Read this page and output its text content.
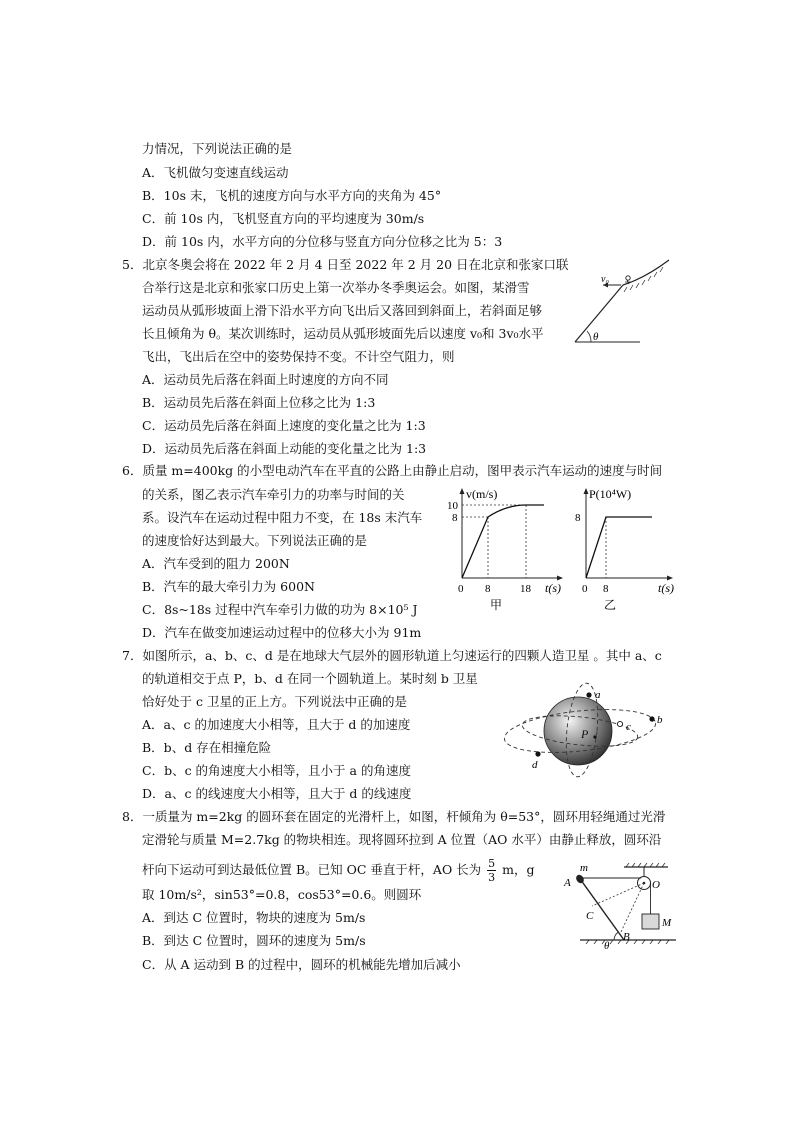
力情况，下列说法正确的是
A．飞机做匀变速直线运动
B．10s 末，飞机的速度方向与水平方向的夹角为 45°
C．前 10s 内，飞机竖直方向的平均速度为 30m/s
D．前 10s 内，水平方向的分位移与竖直方向分位移之比为 5：3
5．北京冬奥会将在 2022 年 2 月 4 日至 2022 年 2 月 20 日在北京和张家口联
合举行这是北京和张家口历史上第一次举办冬季奥运会。如图，某滑雪
运动员从弧形坡面上滑下沿水平方向飞出后又落回到斜面上，若斜面足够
长且倾角为 θ。某次训练时，运动员从弧形坡面先后以速度 v₀和 3v₀水平
飞出，飞出后在空中的姿势保持不变。不计空气阻力，则
A．运动员先后落在斜面上时速度的方向不同
B．运动员先后落在斜面上位移之比为 1:3
C．运动员先后落在斜面上速度的变化量之比为 1:3
D．运动员先后落在斜面上动能的变化量之比为 1:3
v₀
θ
6．质量 m=400kg 的小型电动汽车在平直的公路上由静止启动，图甲表示汽车运动的速度与时间
的关系，图乙表示汽车牵引力的功率与时间的关
系。设汽车在运动过程中阻力不变，在 18s 末汽车
的速度恰好达到最大。下列说法正确的是
A．汽车受到的阻力 200N
B．汽车的最大牵引力为 600N
C．8s~18s 过程中汽车牵引力做的功为 8×10⁵ J
D．汽车在做变加速运动过程中的位移大小为 91m
v(m/s)
10
8
0 8	18 t(s)
甲
P(10⁴W)
8
0 8	t(s)
乙
7．如图所示，a、b、c、d 是在地球大气层外的圆形轨道上匀速运行的四颗人造卫星 。其中 a、c
的轨道相交于点 P，b、d 在同一个圆轨道上。某时刻 b 卫星
恰好处于 c 卫星的正上方。下列说法中正确的是
A．a、c 的加速度大小相等，且大于 d 的加速度
B．b、d 存在相撞危险
C．b、c 的角速度大小相等，且小于 a 的角速度
D．a、c 的线速度大小相等，且大于 d 的线速度
a
b
c
d
P
8．一质量为 m=2kg 的圆环套在固定的光滑杆上，如图，杆倾角为 θ=53°，圆环用轻绳通过光滑
定滑轮与质量 M=2.7kg 的物块相连。现将圆环拉到 A 位置（AO 水平）由静止释放，圆环沿
杆向下运动可到达最低位置 B。已知 OC 垂直于杆，AO 长为 $\frac{5}{3}$ m，g
取 10m/s²，sin53°=0.8，cos53°=0.6。则圆环
A．到达 C 位置时，物块的速度为 5m/s
B．到达 C 位置时，圆环的速度为 5m/s
C．从 A 运动到 B 的过程中，圆环的机械能先增加后减小
m
A	O
C
M
B
θ
